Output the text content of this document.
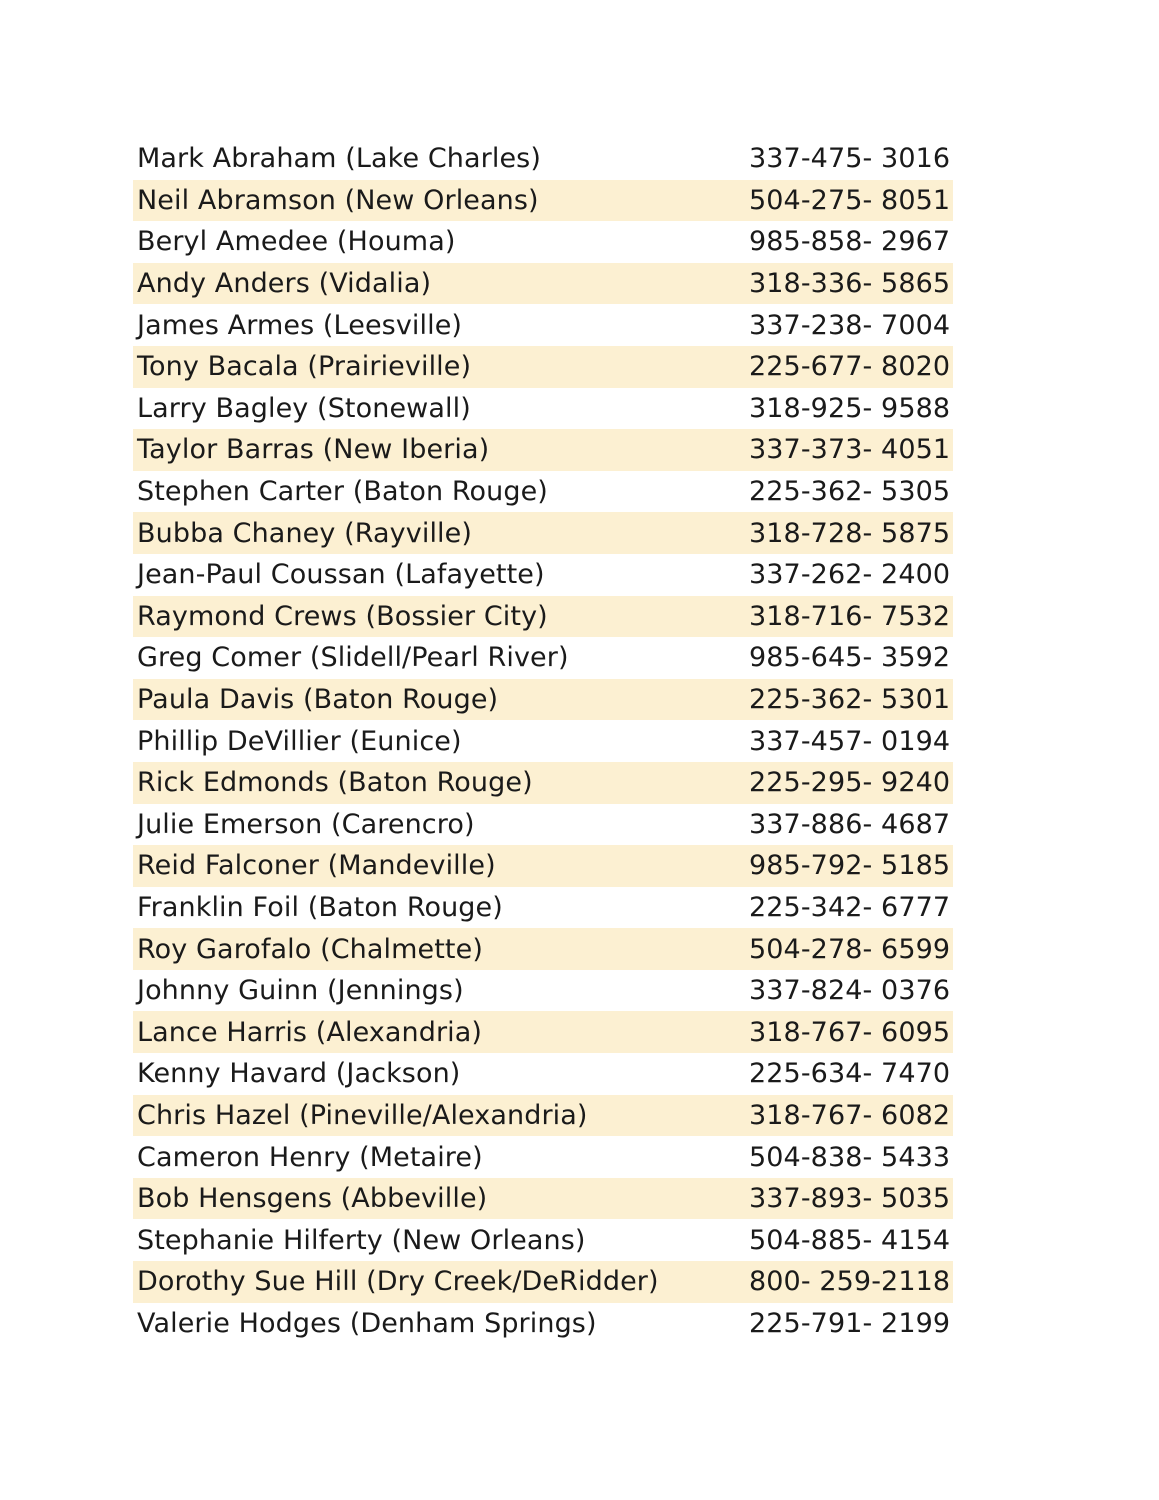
Mark Abraham (Lake Charles)	337-475- 3016
Neil Abramson (New Orleans)	504-275- 8051
Beryl Amedee (Houma)	985-858- 2967
Andy Anders (Vidalia)	318-336- 5865
James Armes (Leesville)	337-238- 7004
Tony Bacala (Prairieville)	225-677- 8020
Larry Bagley (Stonewall)	318-925- 9588
Taylor Barras (New Iberia)	337-373- 4051
Stephen Carter (Baton Rouge)	225-362- 5305
Bubba Chaney (Rayville)	318-728- 5875
Jean-Paul Coussan (Lafayette)	337-262- 2400
Raymond Crews (Bossier City)	318-716- 7532
Greg Comer (Slidell/Pearl River)	985-645- 3592
Paula Davis (Baton Rouge)	225-362- 5301
Phillip DeVillier (Eunice)	337-457- 0194
Rick Edmonds (Baton Rouge)	225-295- 9240
Julie Emerson (Carencro)	337-886- 4687
Reid Falconer (Mandeville)	985-792- 5185
Franklin Foil (Baton Rouge)	225-342- 6777
Roy Garofalo (Chalmette)	504-278- 6599
Johnny Guinn (Jennings)	337-824- 0376
Lance Harris (Alexandria)	318-767- 6095
Kenny Havard (Jackson)	225-634- 7470
Chris Hazel (Pineville/Alexandria)	318-767- 6082
Cameron Henry (Metaire)	504-838- 5433
Bob Hensgens (Abbeville)	337-893- 5035
Stephanie Hilferty (New Orleans)	504-885- 4154
Dorothy Sue Hill (Dry Creek/DeRidder)	800- 259-2118
Valerie Hodges (Denham Springs)	225-791- 2199
